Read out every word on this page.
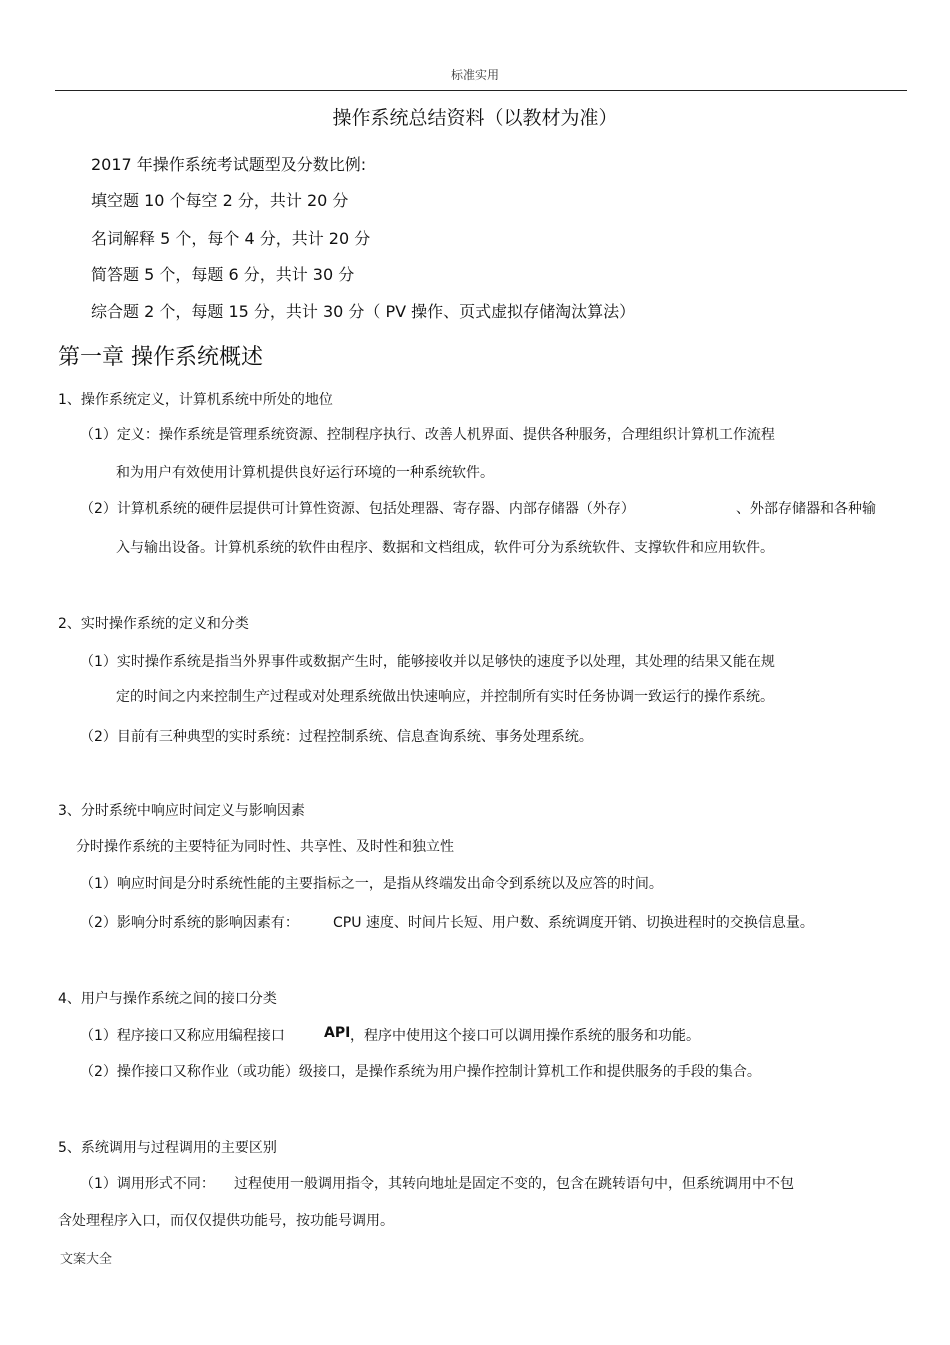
标准实用
操作系统总结资料（以教材为准）
2017 年操作系统考试题型及分数比例:
填空题 10 个每空 2 分，共计 20 分
名词解释 5 个，每个 4 分，共计 20 分
简答题 5 个，每题 6 分，共计 30 分
综合题 2 个，每题 15 分，共计 30 分（ PV 操作、页式虚拟存储淘汰算法）
第一章 操作系统概述
1、操作系统定义，计算机系统中所处的地位
（1）定义：操作系统是管理系统资源、控制程序执行、改善人机界面、提供各种服务，合理组织计算机工作流程
和为用户有效使用计算机提供良好运行环境的一种系统软件。
（2）计算机系统的硬件层提供可计算性资源、包括处理器、寄存器、内部存储器（外存）	、外部存储器和各种输
入与输出设备。计算机系统的软件由程序、数据和文档组成，软件可分为系统软件、支撑软件和应用软件。
2、实时操作系统的定义和分类
（1）实时操作系统是指当外界事件或数据产生时，能够接收并以足够快的速度予以处理，其处理的结果又能在规
定的时间之内来控制生产过程或对处理系统做出快速响应，并控制所有实时任务协调一致运行的操作系统。
（2）目前有三种典型的实时系统：过程控制系统、信息查询系统、事务处理系统。
3、分时系统中响应时间定义与影响因素
分时操作系统的主要特征为同时性、共享性、及时性和独立性
（1）响应时间是分时系统性能的主要指标之一，是指从终端发出命令到系统以及应答的时间。
（2）影响分时系统的影响因素有： CPU 速度、时间片长短、用户数、系统调度开销、切换进程时的交换信息量。
4、用户与操作系统之间的接口分类
（1）程序接口又称应用编程接口	API ，程序中使用这个接口可以调用操作系统的服务和功能。
（2）操作接口又称作业（或功能）级接口，是操作系统为用户操作控制计算机工作和提供服务的手段的集合。
5、系统调用与过程调用的主要区别
（1）调用形式不同： 过程使用一般调用指令，其转向地址是固定不变的，包含在跳转语句中，但系统调用中不包
含处理程序入口，而仅仅提供功能号，按功能号调用。
文案大全
